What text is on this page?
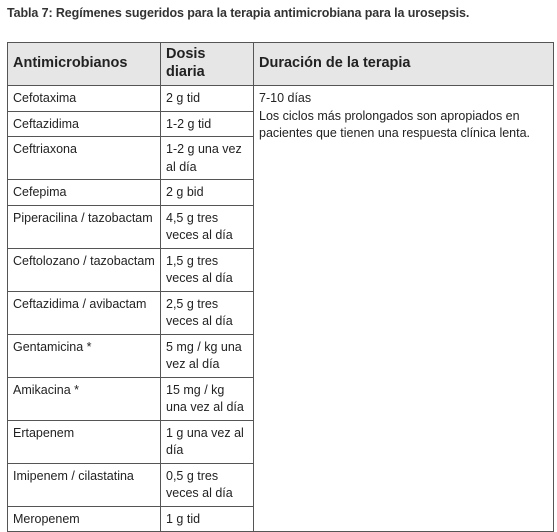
Tabla 7: Regímenes sugeridos para la terapia antimicrobiana para la urosepsis.
Antimicrobianos	Dosis diaria	Duración de la terapia
Cefotaxima	2 g tid	7-10 días
Los ciclos más prolongados son apropiados en pacientes que tienen una respuesta clínica lenta.

Ceftazidima	1-2 g tid	
Ceftriaxona	1-2 g una vez al día	
Cefepima	2 g bid	
Piperacilina / tazobactam	4,5 g tres veces al día	
Ceftolozano / tazobactam	1,5 g tres veces al día	
Ceftazidima / avibactam	2,5 g tres veces al día	
Gentamicina *	5 mg / kg una vez al día	
Amikacina *	15 mg / kg una vez al día	
Ertapenem	1 g una vez al día	
Imipenem / cilastatina	0,5 g tres veces al día	
Meropenem	1 g tid	
